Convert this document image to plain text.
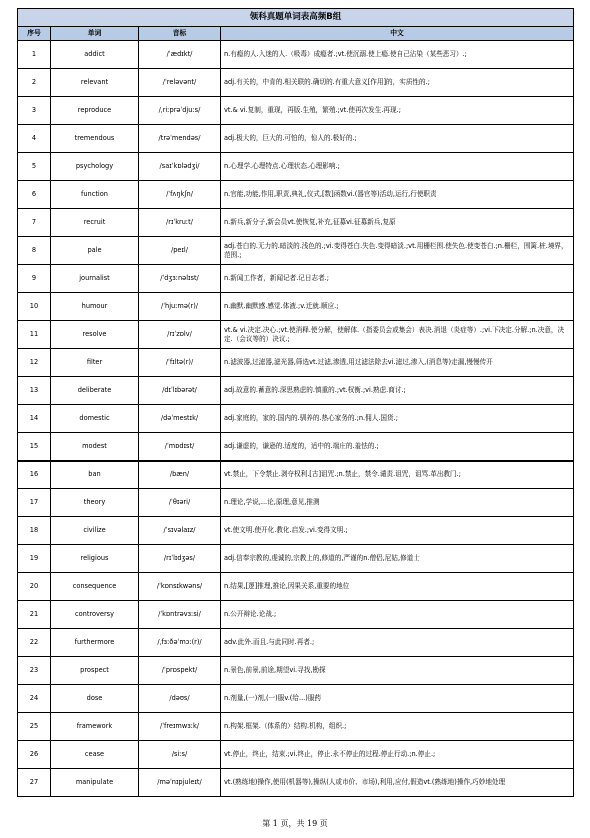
领科真题单词表高频B组			
序号	单词	音标	中文
1	addict	/ˈædɪkt/	n.有瘾的人.入迷的人.（吸毒）成瘾者.;vt.使沉溺.使上瘾.使自己沾染（某些恶习）.;
2	relevant	/ˈreləvənt/	adj.有关的，中肯的.相关联的.确切的.有重大意义[作用]的，实质性的.;
3	reproduce	/ˌriːprəˈdjuːs/	vt.& vi.复制，重现，再版.生殖，繁殖.;vt.使再次发生.再现.;
4	tremendous	/trəˈmendəs/	adj.极大的，巨大的.可怕的，惊人的.极好的.;
5	psychology	/saɪˈkɒlədʒi/	n.心理学.心理特点.心理状态.心理影响.;
6	function	/ˈfʌŋkʃn/	n.官能,功能,作用,职责,典礼,仪式,[数]函数vi.(器官等)活动,运行,行使职责
7	recruit	/rɪˈkruːt/	n.新兵,新分子,新会员vt.使恢复,补充,征募vi.征募新兵,复原
8	pale	/peɪl/	adj.苍白的.无力的.暗淡的.浅色的.;vi.变得苍白.失色.变得暗淡.;vt.用栅栏围.使失色.使变苍白.;n.栅栏，围篱.桩.境界，范围.;
9	journalist	/ˈdʒɜːnəlɪst/	n.新闻工作者，新闻记者.记日志者.;
10	humour	/ˈhjuːmə(r)/	n.幽默.幽默感.感觉.体液.;v.迁就.顺应.;
11	resolve	/rɪˈzɒlv/	vt.& vi.决定.决心.;vt.使消释.使分解，使解体.（指委员会或集会）表决.消退（炎症等）.;vi.下决定.分解.;n.决意，决定.（会议等的）决议.;
12	filter	/ˈfɪltə(r)/	n.滤波器,过滤器,滤光器,筛选vt.过滤,渗透,用过滤法除去vi.滤过,渗入,(消息等)走漏,慢慢传开
13	deliberate	/dɪˈlɪbərət/	adj.故意的.蓄意的.深思熟虑的.慎重的.;vt.权衡.;vi.熟虑.商讨.;
14	domestic	/dəˈmestɪk/	adj.家庭的，家的.国内的.驯养的.热心家务的.;n.佣人.国货.;
15	modest	/ˈmɒdɪst/	adj.谦虚的，谦逊的.适度的，适中的.端庄的.羞怯的.;
16	ban	/bæn/	vt.禁止，下令禁止.剥夺权利.[古]诅咒.;n.禁止，禁令.谴责.诅咒，诅骂.革出教门.;
17	theory	/ˈθɪəri/	n.理论,学说,...论,原理,意见,推测
18	civilize	/ˈsɪvəlaɪz/	vt.使文明.使开化.教化.启发.;vi.变得文明.;
19	religious	/rɪˈlɪdʒəs/	adj.信奉宗教的,虔诚的,宗教上的,修道的,严谨的n.僧侣,尼姑,修道士
20	consequence	/ˈkɒnsɪkwəns/	n.结果,[逻]推理,推论,因果关系,重要的地位
21	controversy	/ˈkɒntrəvɜːsi/	n.公开辩论.论战.;
22	furthermore	/ˌfɜːðəˈmɔː(r)/	adv.此外.而且.与此同时.再者.;
23	prospect	/ˈprɒspekt/	n.景色,前景,前途,期望vi.寻找,勘探
24	dose	/dəʊs/	n.剂量,(一)剂,(一)服v.(给...)服药
25	framework	/ˈfreɪmwɜːk/	n.构架.框架.（体系的）结构.机构，组织.;
26	cease	/siːs/	vt.停止，终止，结束.;vi.终止，停止.永不停止的过程.停止行动.;n.停止.;
27	manipulate	/məˈnɪpjuleɪt/	vt.(熟练地)操作,使用(机器等),操纵(人或市价、市场),利用,应付,假造vt.(熟练地)操作,巧妙地处理
第 1 页，共 19 页
